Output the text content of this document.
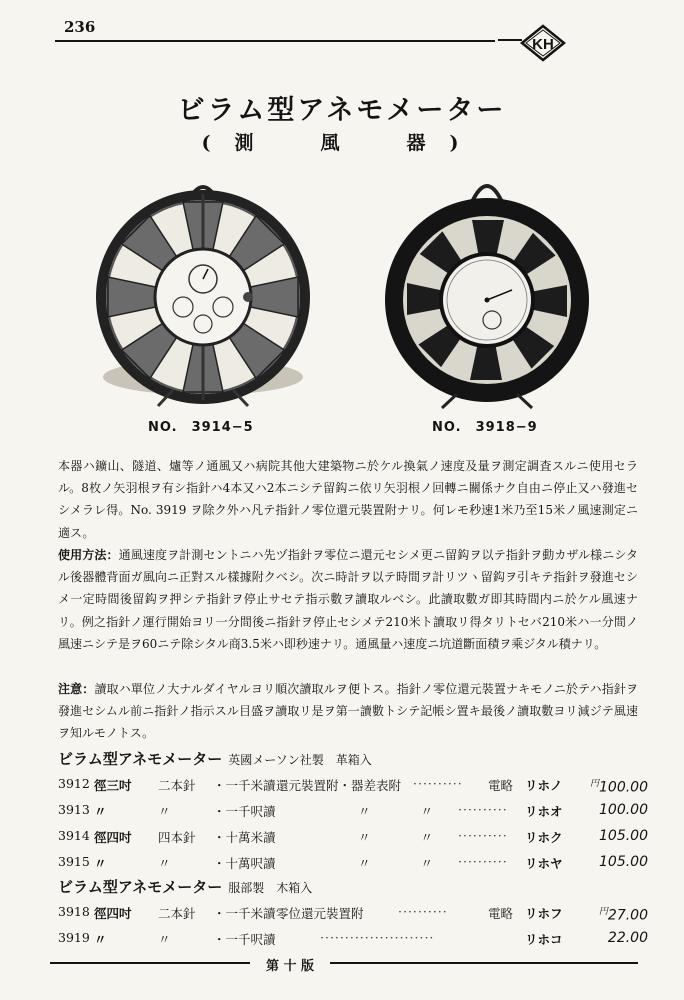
236
KH
ビラム型アネモメーター
(測　風　器)
NO.　3914−5	NO.　3918−9
本器ハ鑛山、隧道、爐等ノ通風又ハ病院其他大建築物ニ於ケル換氣ノ速度及量ヲ測定調査スルニ使用セラル。8枚ノ矢羽根ヲ有シ指針ハ4本又ハ2本ニシテ留鈎ニ依リ矢羽根ノ回轉ニ關係ナク自由ニ停止又ハ發進セシメラレ得。No. 3919 ヲ除ク外ハ凡テ指針ノ零位還元裝置附ナリ。何レモ秒速1米乃至15米ノ風速測定ニ適ス。
使用方法：通風速度ヲ計測セントニハ先ヅ指針ヲ零位ニ還元セシメ更ニ留鈎ヲ以テ指針ヲ動カザル様ニシタル後器體背面ガ風向ニ正對スル樣據附クベシ。次ニ時計ヲ以テ時間ヲ計リツヽ留鈎ヲ引キテ指針ヲ發進セシメ一定時間後留鈎ヲ押シテ指針ヲ停止サセテ指示數ヲ讀取ルベシ。此讀取數ガ即其時間内ニ於ケル風速ナリ。例之指針ノ運行開始ヨリ一分間後ニ指針ヲ停止セシメテ210米ト讀取リ得タリトセバ210米ハ一分間ノ風速ニシテ是ヲ60ニテ除シタル商3.5米ハ即秒速ナリ。通風量ハ速度ニ坑道斷面積ヲ乘ジタル積ナリ。
注意：讀取ハ單位ノ大ナルダイヤルヨリ順次讀取ルヲ便トス。指針ノ零位還元裝置ナキモノニ於テハ指針ヲ發進セシムル前ニ指針ノ指示スル目盛ヲ讀取リ是ヲ第一讀數トシテ記帳シ置キ最後ノ讀取數ヨリ減ジテ風速ヲ知ルモノトス。
ビラム型アネモメーター 英國メーソン社製　革箱入
3912 徑三吋 二本針 ・一千米讀 還元裝置附・器差表附 ·········· 電略 リホノ	$^円$100.00
3913 〃	〃	・一千呎讀	〃　　　　〃 ·········· リホオ	100.00
3914 徑四吋 四本針 ・十萬米讀	〃　　　　〃 ·········· リホク	105.00
3915 〃	〃	・十萬呎讀	〃　　　　〃 ·········· リホヤ	105.00
ビラム型アネモメーター 服部製　木箱入
3918 徑四吋 二本針 ・一千米讀 零位還元裝置附	··········	電略 リホフ	$^円$27.00
3919 〃	〃	・一千呎讀	·······················	リホコ	22.00
第 十 版
